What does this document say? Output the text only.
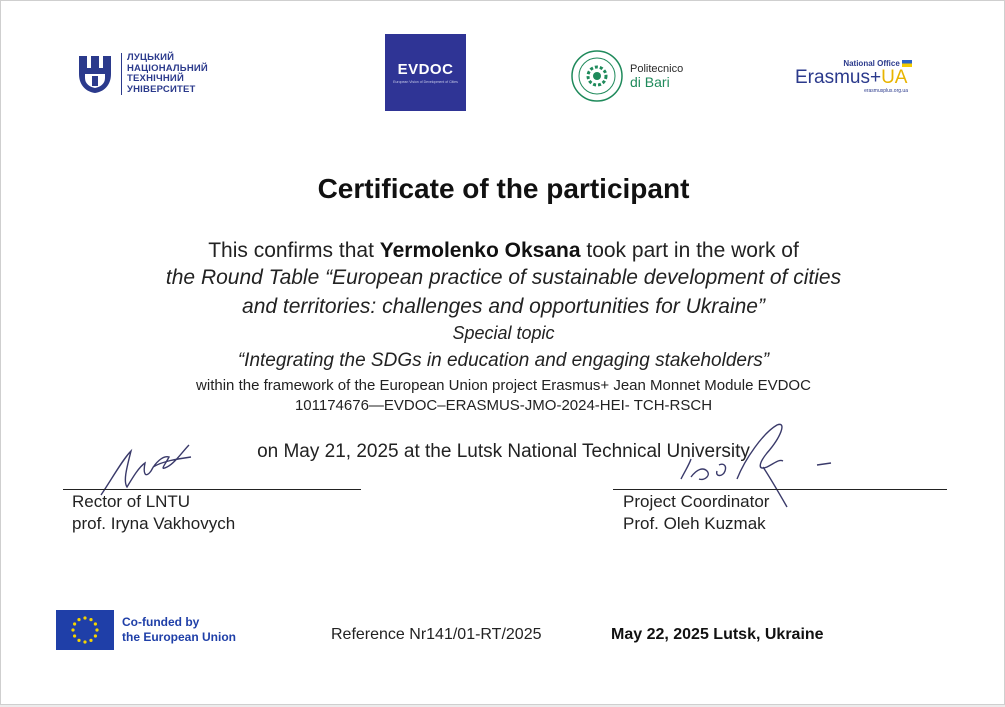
ЛУЦЬКИЙ
НАЦІОНАЛЬНИЙ
ТЕХНІЧНИЙ
УНІВЕРСИТЕТ
EVDOC
European Vision of Development of Cities
Politecnico
di Bari
National Office
Erasmus+UA
erasmusplus.org.ua
Certificate of the participant
This confirms that Yermolenko Oksana took part in the work of
the Round Table “European practice of sustainable development of cities
and territories: challenges and opportunities for Ukraine”
Special topic
“Integrating the SDGs in education and engaging stakeholders”
within the framework of the European Union project Erasmus+ Jean Monnet Module EVDOC
101174676—EVDOC–ERASMUS-JMO-2024-HEI- TCH-RSCH
on May 21, 2025 at the Lutsk National Technical University
Rector of LNTU
prof. Iryna Vakhovych
Project Coordinator
Prof. Oleh Kuzmak
Co-funded by
the European Union	Reference Nr141/01-RT/2025	May 22, 2025 Lutsk, Ukraine
